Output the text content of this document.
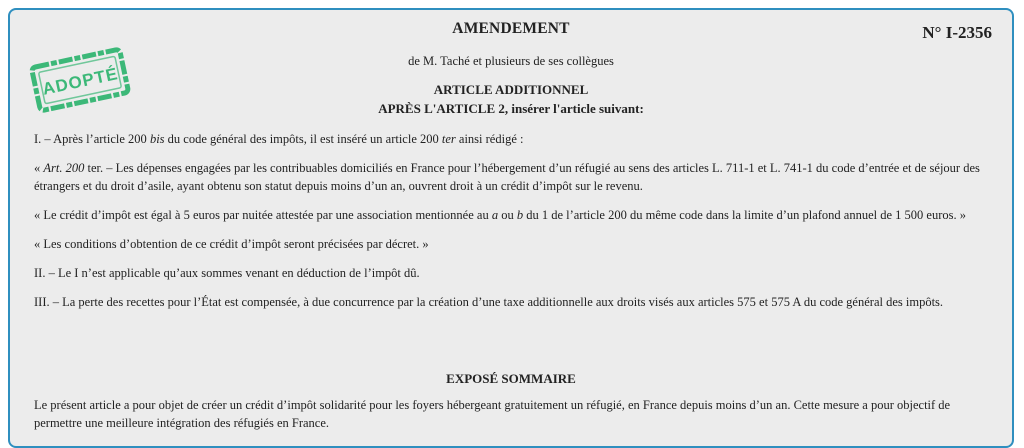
AMENDEMENT	N° I-2356
de M. Taché et plusieurs de ses collègues
ARTICLE ADDITIONNEL
APRÈS L'ARTICLE 2, insérer l'article suivant:
ADOPTÉ

I. – Après l’article 200 bis du code général des impôts, il est inséré un article 200 ter ainsi rédigé :

« Art. 200 ter. – Les dépenses engagées par les contribuables domiciliés en France pour l’hébergement d’un réfugié au sens des articles L. 711-1 et L. 741-1 du code d’entrée et de séjour des étrangers et du droit d’asile, ayant obtenu son statut depuis moins d’un an, ouvrent droit à un crédit d’impôt sur le revenu.

« Le crédit d’impôt est égal à 5 euros par nuitée attestée par une association mentionnée au a ou b du 1 de l’article 200 du même code dans la limite d’un plafond annuel de 1 500 euros. »

« Les conditions d’obtention de ce crédit d’impôt seront précisées par décret. »

II. – Le I n’est applicable qu’aux sommes venant en déduction de l’impôt dû.

III. – La perte des recettes pour l’État est compensée, à due concurrence par la création d’une taxe additionnelle aux droits visés aux articles 575 et 575 A du code général des impôts.

EXPOSÉ SOMMAIRE

Le présent article a pour objet de créer un crédit d’impôt solidarité pour les foyers hébergeant gratuitement un réfugié, en France depuis moins d’un an. Cette mesure a pour objectif de permettre une meilleure intégration des réfugiés en France.
